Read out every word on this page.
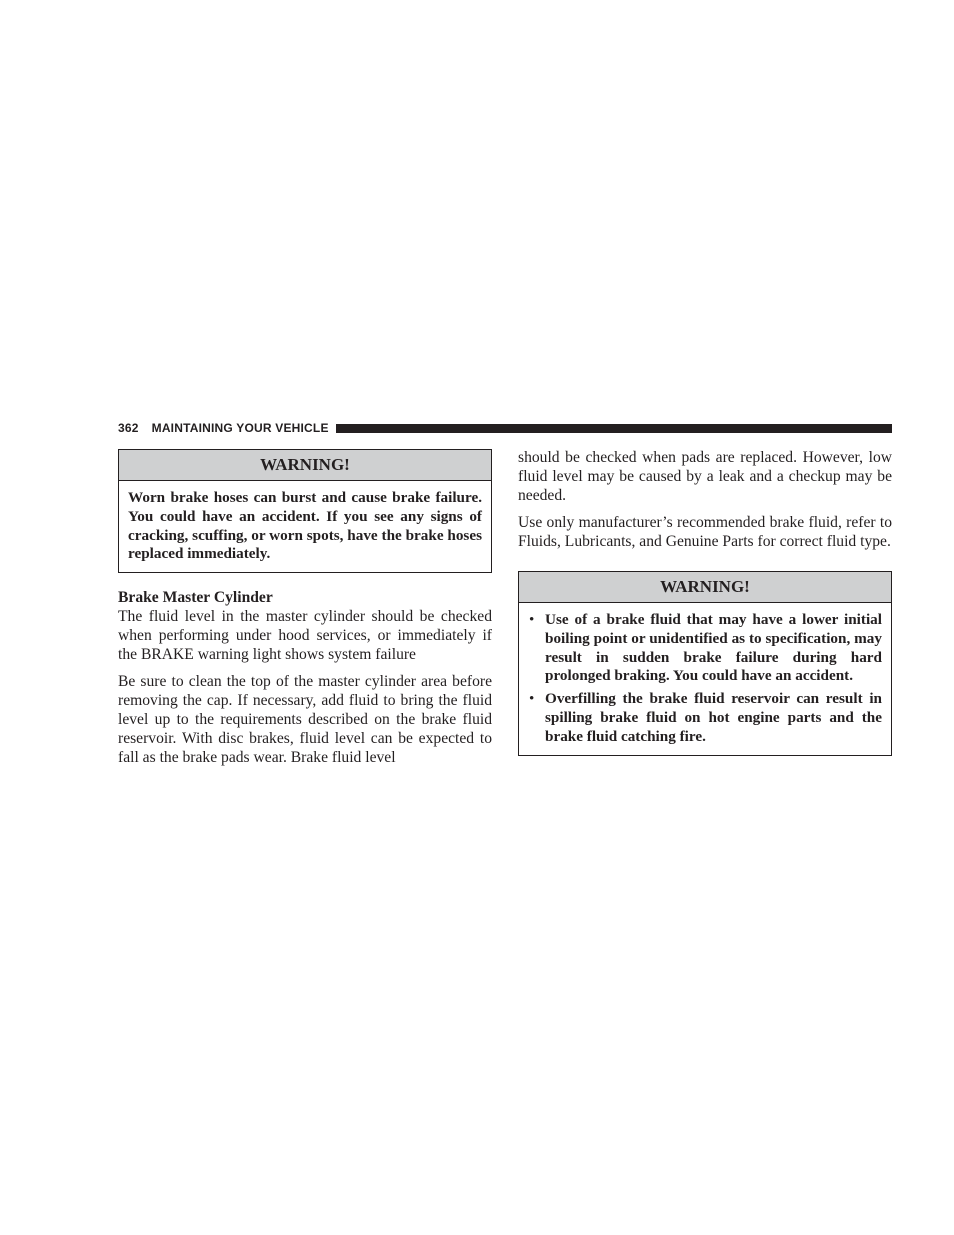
362 MAINTAINING YOUR VEHICLE
WARNING!
Worn brake hoses can burst and cause brake failure. You could have an accident. If you see any signs of cracking, scuffing, or worn spots, have the brake hoses replaced immediately.
Brake Master Cylinder

The fluid level in the master cylinder should be checked when performing under hood services, or immediately if the BRAKE warning light shows system failure

Be sure to clean the top of the master cylinder area before removing the cap. If necessary, add fluid to bring the fluid level up to the requirements described on the brake fluid reservoir. With disc brakes, fluid level can be expected to fall as the brake pads wear. Brake fluid level

should be checked when pads are replaced. However, low fluid level may be caused by a leak and a checkup may be needed.

Use only manufacturer’s recommended brake fluid, refer to Fluids, Lubricants, and Genuine Parts for correct fluid type.

WARNING!
• Use of a brake fluid that may have a lower initial boiling point or unidentified as to specification, may result in sudden brake failure during hard prolonged braking. You could have an accident.
• Overfilling the brake fluid reservoir can result in spilling brake fluid on hot engine parts and the brake fluid catching fire.
